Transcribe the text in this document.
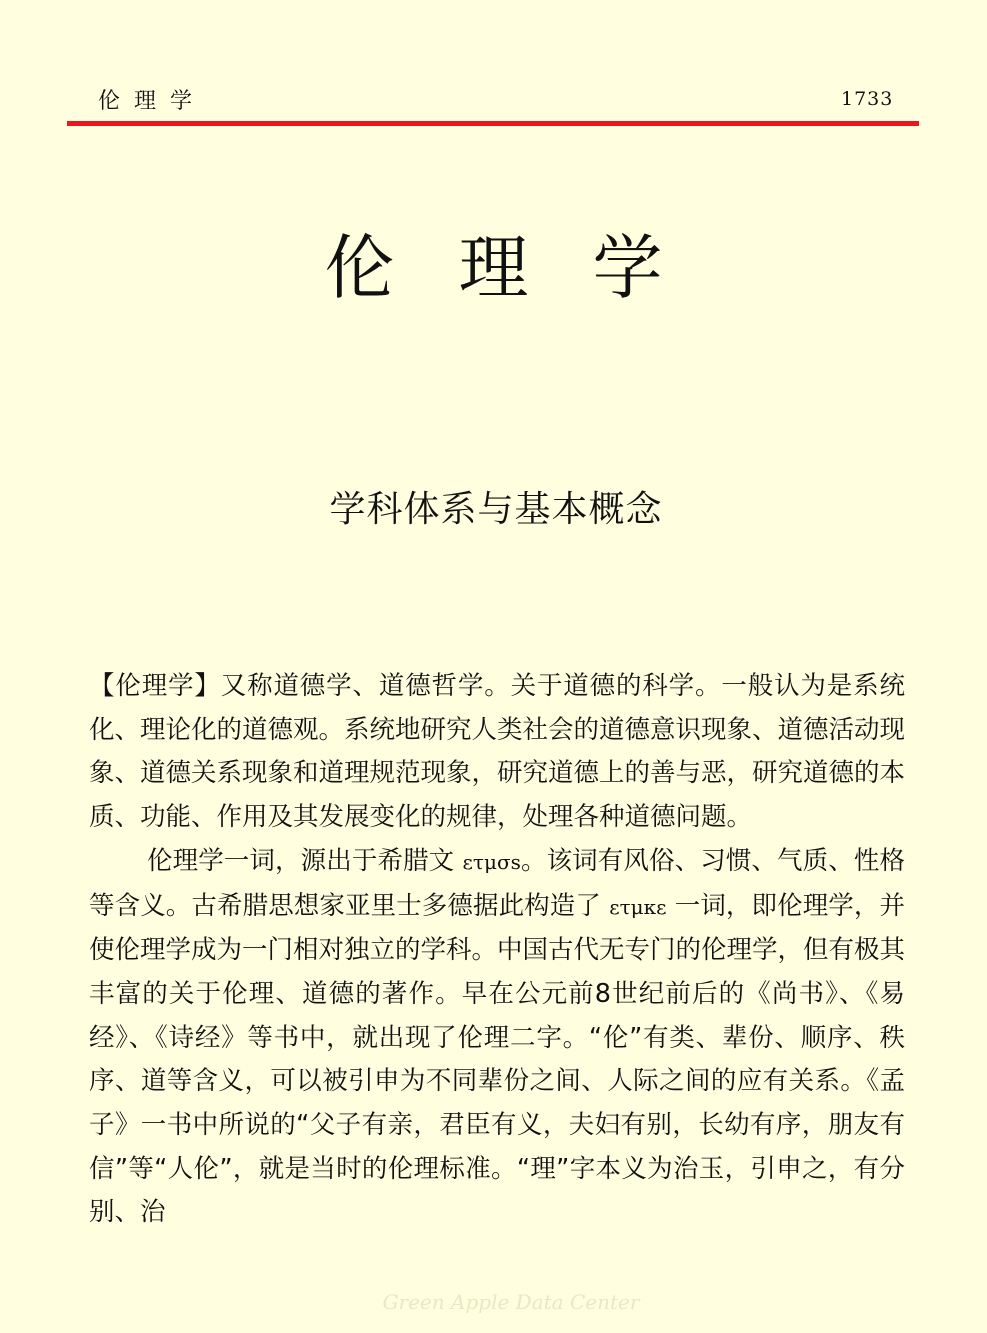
伦理学	1733
伦 理 学
学科体系与基本概念

【伦理学】又称道德学、道德哲学。关于道德的科学。一般认为是系统化、理论化的道德观。系统地研究人类社会的道德意识现象、道德活动现象、道德关系现象和道理规范现象，研究道德上的善与恶，研究道德的本质、功能、作用及其发展变化的规律，处理各种道德问题。

伦理学一词，源出于希腊文 ετμσs。该词有风俗、习惯、气质、性格等含义。古希腊思想家亚里士多德据此构造了 ετμκε 一词，即伦理学，并使伦理学成为一门相对独立的学科。中国古代无专门的伦理学，但有极其丰富的关于伦理、道德的著作。早在公元前8世纪前后的《尚书》、《易经》、《诗经》等书中，就出现了伦理二字。“伦”有类、辈份、顺序、秩序、道等含义，可以被引申为不同辈份之间、人际之间的应有关系。《孟子》一书中所说的“父子有亲，君臣有义，夫妇有别，长幼有序，朋友有信”等“人伦”，就是当时的伦理标准。“理”字本义为治玉，引申之，有分别、治

Green Apple Data Center
